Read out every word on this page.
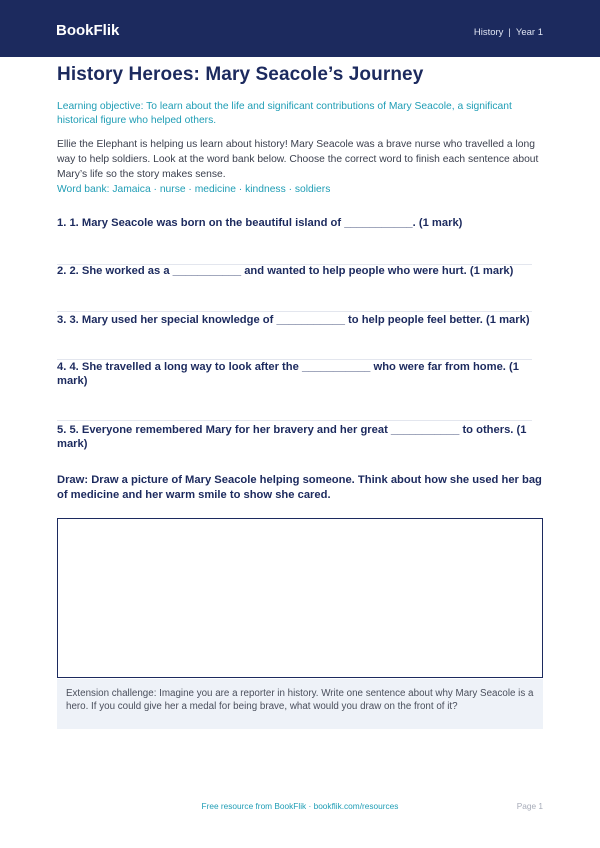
BookFlik	History | Year 1
History Heroes: Mary Seacole’s Journey
Learning objective: To learn about the life and significant contributions of Mary Seacole, a significant historical figure who helped others.
Ellie the Elephant is helping us learn about history! Mary Seacole was a brave nurse who travelled a long way to help soldiers. Look at the word bank below. Choose the correct word to finish each sentence about Mary’s life so the story makes sense.
Word bank: Jamaica · nurse · medicine · kindness · soldiers
1. 1. Mary Seacole was born on the beautiful island of ___________. (1 mark)
2. 2. She worked as a ___________ and wanted to help people who were hurt. (1 mark)
3. 3. Mary used her special knowledge of ___________ to help people feel better. (1 mark)
4. 4. She travelled a long way to look after the ___________ who were far from home. (1 mark)
5. 5. Everyone remembered Mary for her bravery and her great ___________ to others. (1 mark)
Draw: Draw a picture of Mary Seacole helping someone. Think about how she used her bag of medicine and her warm smile to show she cared.
Extension challenge: Imagine you are a reporter in history. Write one sentence about why Mary Seacole is a hero. If you could give her a medal for being brave, what would you draw on the front of it?
Free resource from BookFlik · bookflik.com/resources	Page 1
